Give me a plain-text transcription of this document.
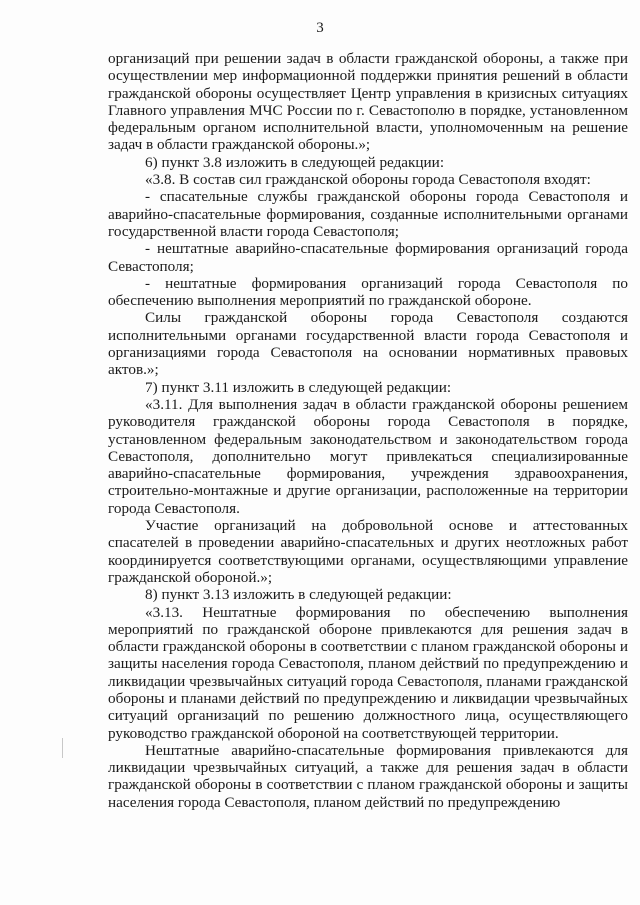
3

организаций при решении задач в области гражданской обороны, а также при осуществлении мер информационной поддержки принятия решений в области гражданской обороны осуществляет Центр управления в кризисных ситуациях Главного управления МЧС России по г. Севастополю в порядке, установленном федеральным органом исполнительной власти, уполномоченным на решение задач в области гражданской обороны.»;

6) пункт 3.8 изложить в следующей редакции:

«3.8. В состав сил гражданской обороны города Севастополя входят:

- спасательные службы гражданской обороны города Севастополя и аварийно-спасательные формирования, созданные исполнительными органами государственной власти города Севастополя;

- нештатные аварийно-спасательные формирования организаций города Севастополя;

- нештатные формирования организаций города Севастополя по обеспечению выполнения мероприятий по гражданской обороне.

Силы гражданской обороны города Севастополя создаются исполнительными органами государственной власти города Севастополя и организациями города Севастополя на основании нормативных правовых актов.»;

7) пункт 3.11 изложить в следующей редакции:

«3.11. Для выполнения задач в области гражданской обороны решением руководителя гражданской обороны города Севастополя в порядке, установленном федеральным законодательством и законодательством города Севастополя, дополнительно могут привлекаться специализированные аварийно-спасательные формирования, учреждения здравоохранения, строительно-монтажные и другие организации, расположенные на территории города Севастополя.

Участие организаций на добровольной основе и аттестованных спасателей в проведении аварийно-спасательных и других неотложных работ координируется соответствующими органами, осуществляющими управление гражданской обороной.»;

8) пункт 3.13 изложить в следующей редакции:

«3.13. Нештатные формирования по обеспечению выполнения мероприятий по гражданской обороне привлекаются для решения задач в области гражданской обороны в соответствии с планом гражданской обороны и защиты населения города Севастополя, планом действий по предупреждению и ликвидации чрезвычайных ситуаций города Севастополя, планами гражданской обороны и планами действий по предупреждению и ликвидации чрезвычайных ситуаций организаций по решению должностного лица, осуществляющего руководство гражданской обороной на соответствующей территории.

Нештатные аварийно-спасательные формирования привлекаются для ликвидации чрезвычайных ситуаций, а также для решения задач в области гражданской обороны в соответствии с планом гражданской обороны и защиты населения города Севастополя, планом действий по предупреждению
